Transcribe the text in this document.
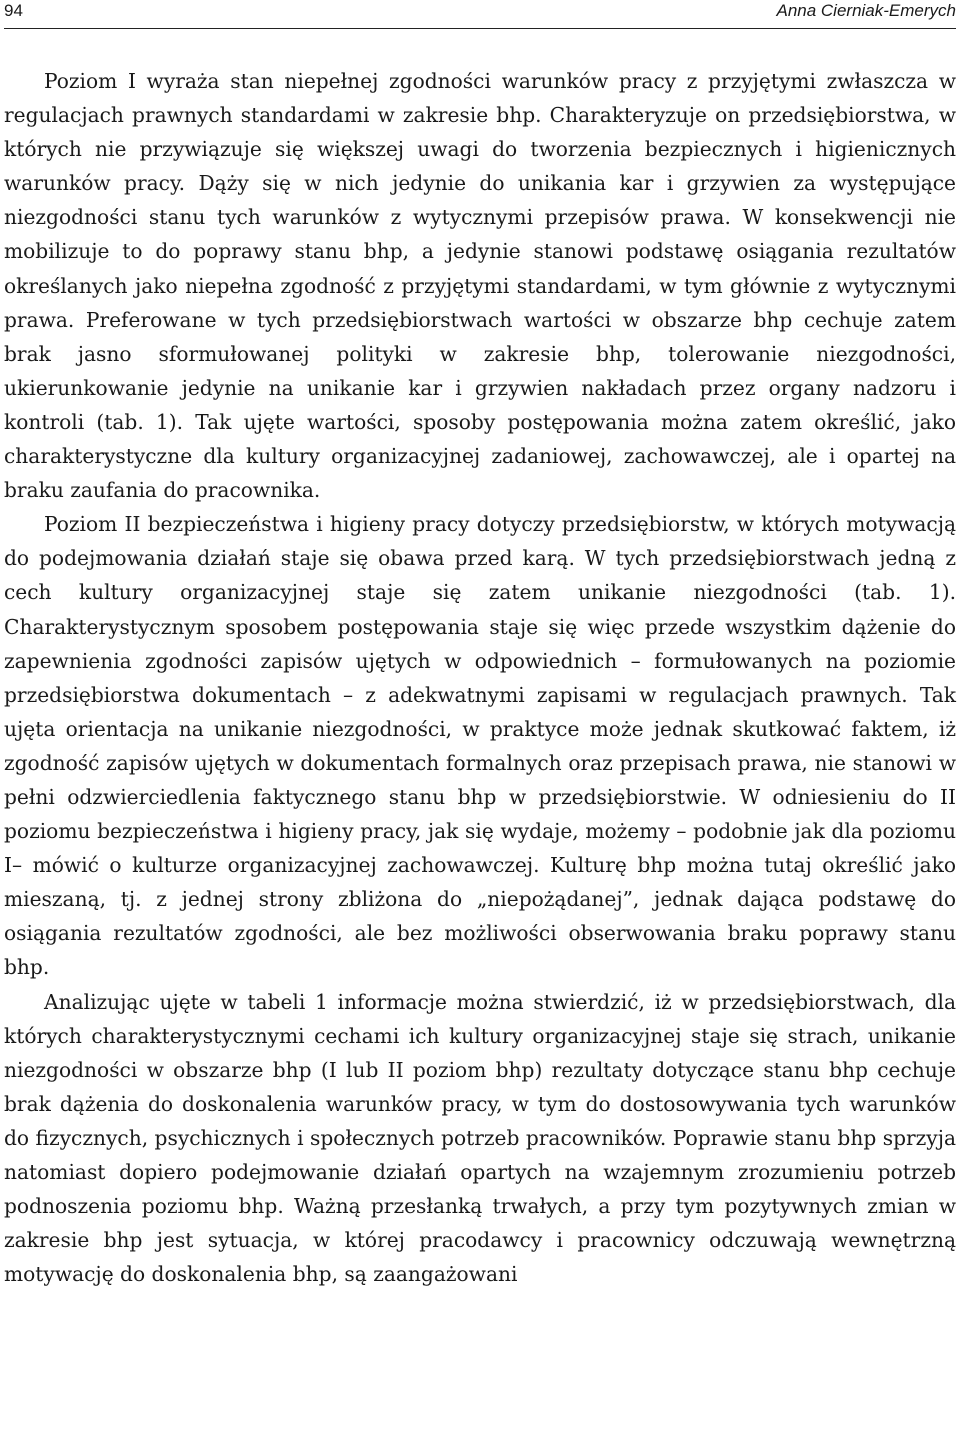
94	Anna Cierniak-Emerych

Poziom I wyraża stan niepełnej zgodności warunków pracy z przyjętymi zwłaszcza w regulacjach prawnych standardami w zakresie bhp. Charakteryzuje on przedsiębiorstwa, w których nie przywiązuje się większej uwagi do tworzenia bezpiecznych i higienicznych warunków pracy. Dąży się w nich jedynie do unikania kar i grzywien za występujące niezgodności stanu tych warunków z wytycznymi przepisów prawa. W konsekwencji nie mobilizuje to do poprawy stanu bhp, a jedynie stanowi podstawę osiągania rezultatów określanych jako niepełna zgodność z przyjętymi standardami, w tym głównie z wytycznymi prawa. Preferowane w tych przedsiębiorstwach wartości w obszarze bhp cechuje zatem brak jasno sformułowanej polityki w zakresie bhp, tolerowanie niezgodności, ukierunkowanie jedynie na unikanie kar i grzywien nakładach przez organy nadzoru i kontroli (tab. 1). Tak ujęte wartości, sposoby postępowania można zatem określić, jako charakterystyczne dla kultury organizacyjnej zadaniowej, zachowawczej, ale i opartej na braku zaufania do pracownika.

Poziom II bezpieczeństwa i higieny pracy dotyczy przedsiębiorstw, w których motywacją do podejmowania działań staje się obawa przed karą. W tych przedsiębiorstwach jedną z cech kultury organizacyjnej staje się zatem unikanie niezgodności (tab. 1). Charakterystycznym sposobem postępowania staje się więc przede wszystkim dążenie do zapewnienia zgodności zapisów ujętych w odpowiednich – formułowanych na poziomie przedsiębiorstwa dokumentach – z adekwatnymi zapisami w regulacjach prawnych. Tak ujęta orientacja na unikanie niezgodności, w praktyce może jednak skutkować faktem, iż zgodność zapisów ujętych w dokumentach formalnych oraz przepisach prawa, nie stanowi w pełni odzwierciedlenia faktycznego stanu bhp w przedsiębiorstwie. W odniesieniu do II poziomu bezpieczeństwa i higieny pracy, jak się wydaje, możemy – podobnie jak dla poziomu I– mówić o kulturze organizacyjnej zachowawczej. Kulturę bhp można tutaj określić jako mieszaną, tj. z jednej strony zbliżona do „niepożądanej”, jednak dająca podstawę do osiągania rezultatów zgodności, ale bez możliwości obserwowania braku poprawy stanu bhp.

Analizując ujęte w tabeli 1 informacje można stwierdzić, iż w przedsiębiorstwach, dla których charakterystycznymi cechami ich kultury organizacyjnej staje się strach, unikanie niezgodności w obszarze bhp (I lub II poziom bhp) rezultaty dotyczące stanu bhp cechuje brak dążenia do doskonalenia warunków pracy, w tym do dostosowywania tych warunków do fizycznych, psychicznych i społecznych potrzeb pracowników. Poprawie stanu bhp sprzyja natomiast dopiero podejmowanie działań opartych na wzajemnym zrozumieniu potrzeb podnoszenia poziomu bhp. Ważną przesłanką trwałych, a przy tym pozytywnych zmian w zakresie bhp jest sytuacja, w której pracodawcy i pracownicy odczuwają wewnętrzną motywację do doskonalenia bhp, są zaangażowani
